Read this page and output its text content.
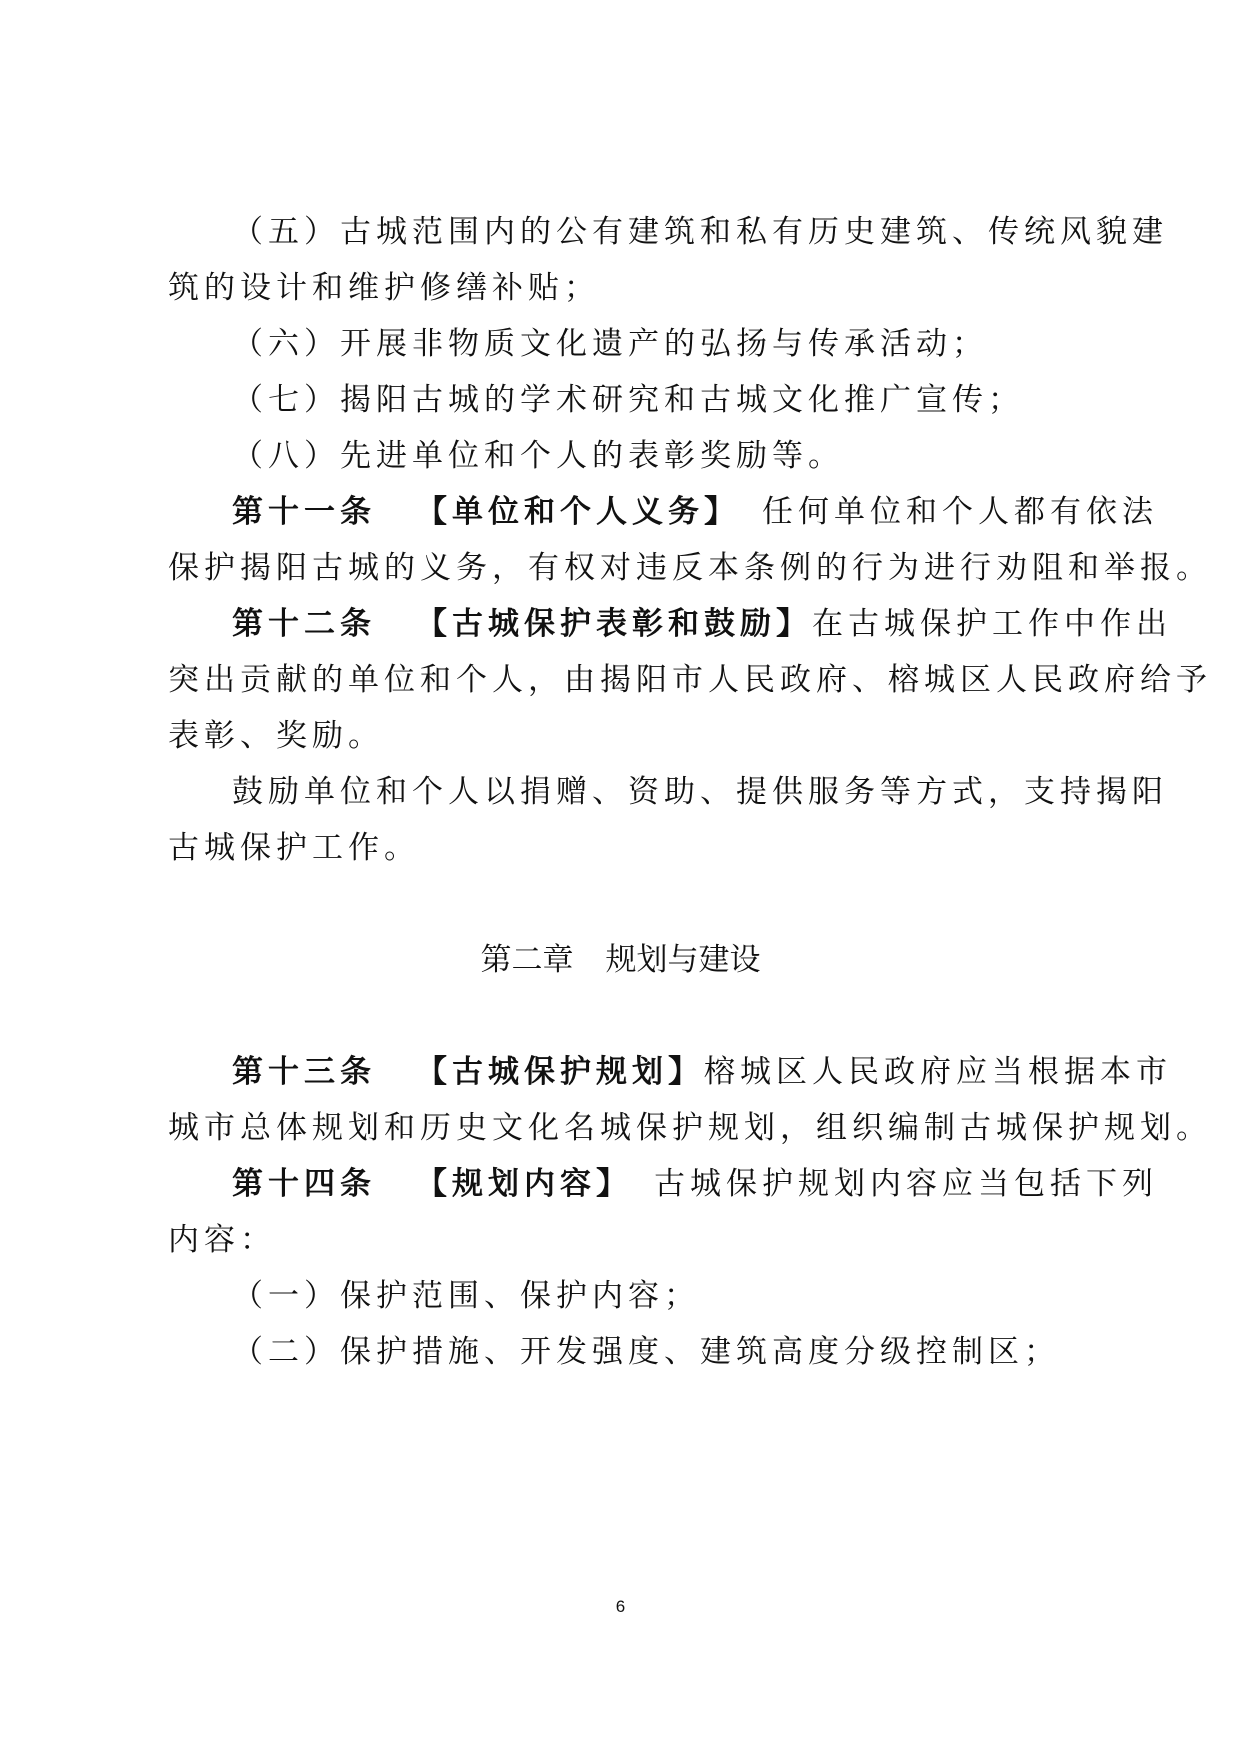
（五）古城范围内的公有建筑和私有历史建筑、传统风貌建
筑的设计和维护修缮补贴；
（六）开展非物质文化遗产的弘扬与传承活动；
（七）揭阳古城的学术研究和古城文化推广宣传；
（八）先进单位和个人的表彰奖励等。
第十一条 【单位和个人义务】 任何单位和个人都有依法
保护揭阳古城的义务，有权对违反本条例的行为进行劝阻和举报。
第十二条 【古城保护表彰和鼓励】在古城保护工作中作出
突出贡献的单位和个人，由揭阳市人民政府、榕城区人民政府给予
表彰、奖励。
鼓励单位和个人以捐赠、资助、提供服务等方式，支持揭阳
古城保护工作。
第二章 规划与建设
第十三条 【古城保护规划】榕城区人民政府应当根据本市
城市总体规划和历史文化名城保护规划，组织编制古城保护规划。
第十四条 【规划内容】 古城保护规划内容应当包括下列
内容：
（一）保护范围、保护内容；
（二）保护措施、开发强度、建筑高度分级控制区；
6
